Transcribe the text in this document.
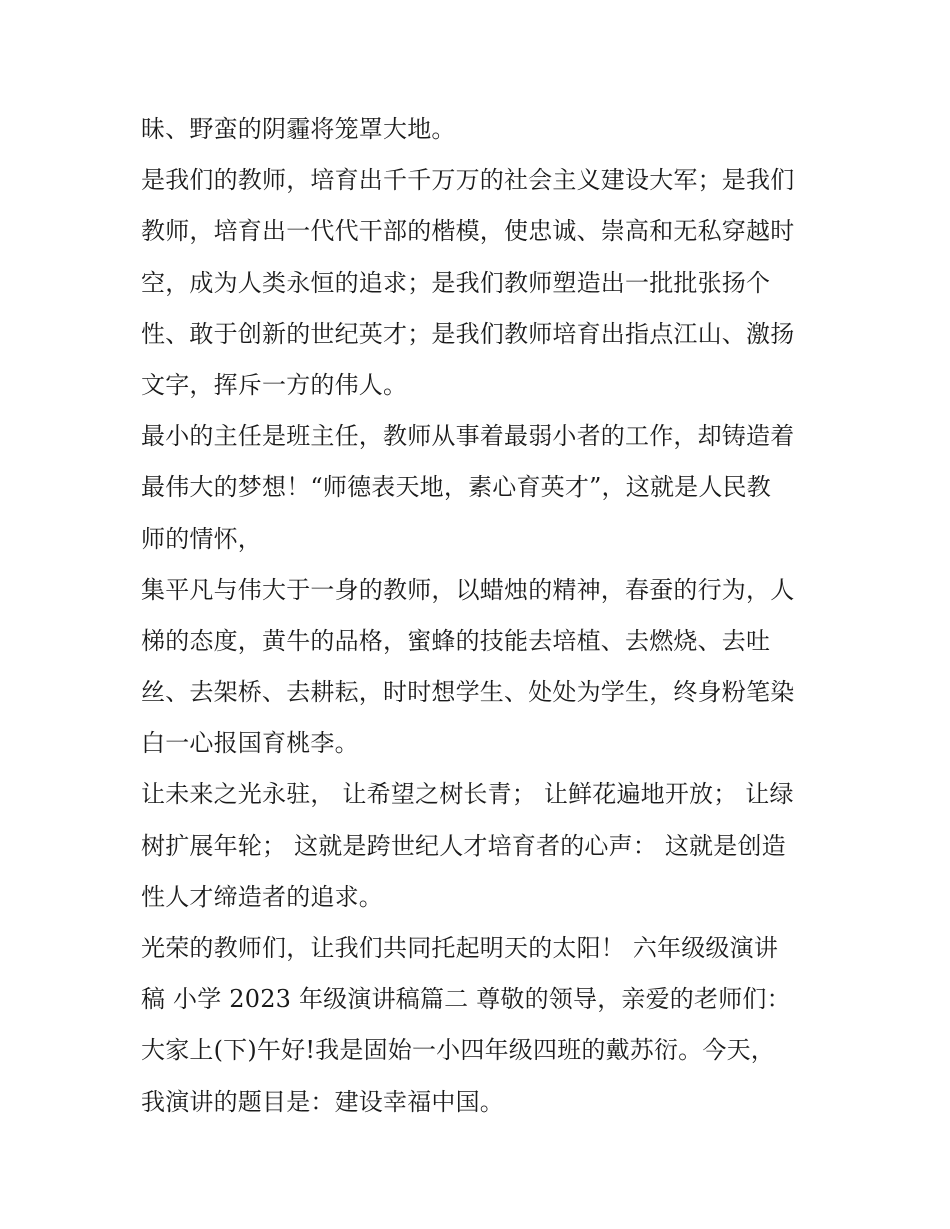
昧、野蛮的阴霾将笼罩大地。
是我们的教师，培育出千千万万的社会主义建设大军；是我们
教师，培育出一代代干部的楷模，使忠诚、崇高和无私穿越时
空，成为人类永恒的追求；是我们教师塑造出一批批张扬个
性、敢于创新的世纪英才；是我们教师培育出指点江山、激扬
文字，挥斥一方的伟人。
最小的主任是班主任，教师从事着最弱小者的工作，却铸造着
最伟大的梦想！“师德表天地，素心育英才”，这就是人民教
师的情怀，
集平凡与伟大于一身的教师，以蜡烛的精神，春蚕的行为，人
梯的态度，黄牛的品格，蜜蜂的技能去培植、去燃烧、去吐
丝、去架桥、去耕耘，时时想学生、处处为学生，终身粉笔染
白一心报国育桃李。
让未来之光永驻， 让希望之树长青； 让鲜花遍地开放； 让绿
树扩展年轮； 这就是跨世纪人才培育者的心声： 这就是创造
性人才缔造者的追求。
光荣的教师们，让我们共同托起明天的太阳！ 六年级级演讲
稿 小学 2023 年级演讲稿篇二 尊敬的领导，亲爱的老师们：
大家上(下)午好!我是固始一小四年级四班的戴苏衍。今天，
我演讲的题目是：建设幸福中国。
